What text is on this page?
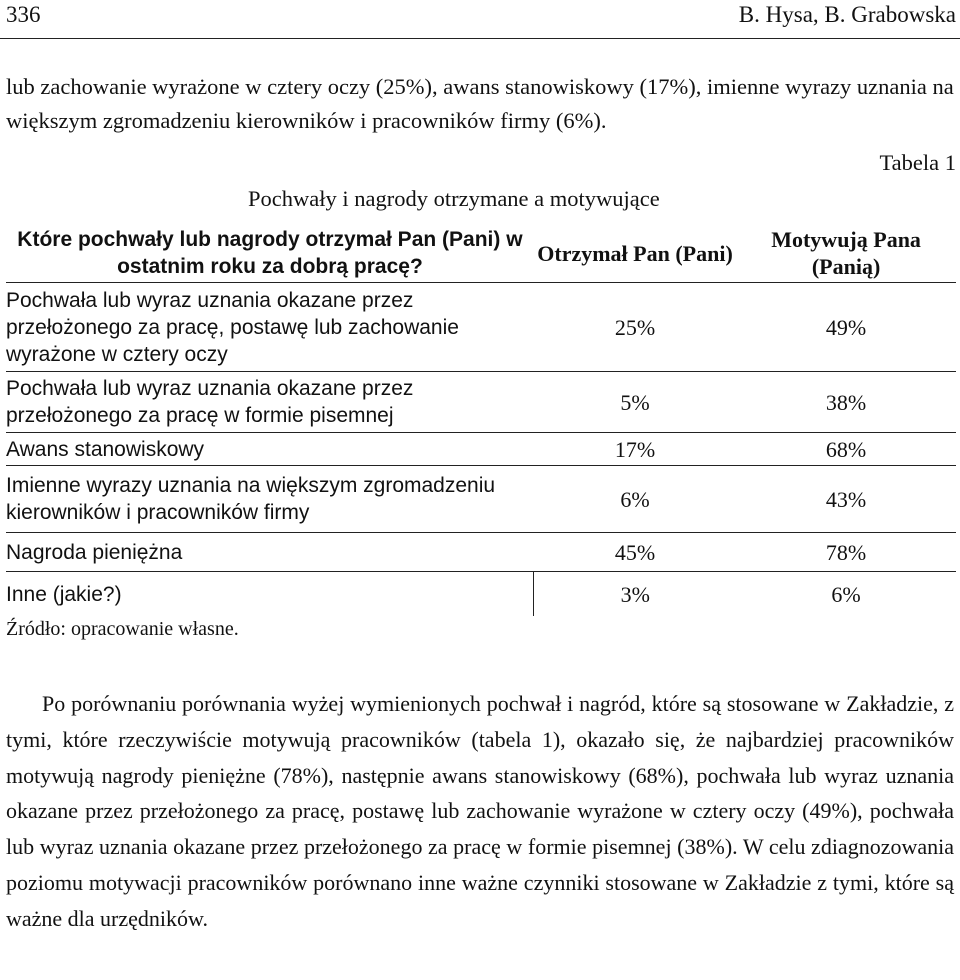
336	B. Hysa, B. Grabowska

lub zachowanie wyrażone w cztery oczy (25%), awans stanowiskowy (17%), imienne wyrazy uznania na większym zgromadzeniu kierowników i pracowników firmy (6%).

Tabela 1
Pochwały i nagrody otrzymane a motywujące
Które pochwały lub nagrody otrzymał Pan (Pani) w ostatnim roku za dobrą pracę?	Otrzymał Pan (Pani)	Motywują Pana (Panią)
Pochwała lub wyraz uznania okazane przez przełożonego za pracę, postawę lub zachowanie wyrażone w cztery oczy	25%	49%
Pochwała lub wyraz uznania okazane przez przełożonego za pracę w formie pisemnej	5%	38%
Awans stanowiskowy	17%	68%
Imienne wyrazy uznania na większym zgromadzeniu kierowników i pracowników firmy	6%	43%
Nagroda pieniężna	45%	78%
Inne (jakie?)	3%	6%
Źródło: opracowanie własne.

Po porównaniu porównania wyżej wymienionych pochwał i nagród, które są stosowane w Zakładzie, z tymi, które rzeczywiście motywują pracowników (tabela 1), okazało się, że najbardziej pracowników motywują nagrody pieniężne (78%), następnie awans stanowiskowy (68%), pochwała lub wyraz uznania okazane przez przełożonego za pracę, postawę lub zachowanie wyrażone w cztery oczy (49%), pochwała lub wyraz uznania okazane przez przełożonego za pracę w formie pisemnej (38%). W celu zdiagnozowania poziomu motywacji pracowników porównano inne ważne czynniki stosowane w Zakładzie z tymi, które są ważne dla urzędników.
